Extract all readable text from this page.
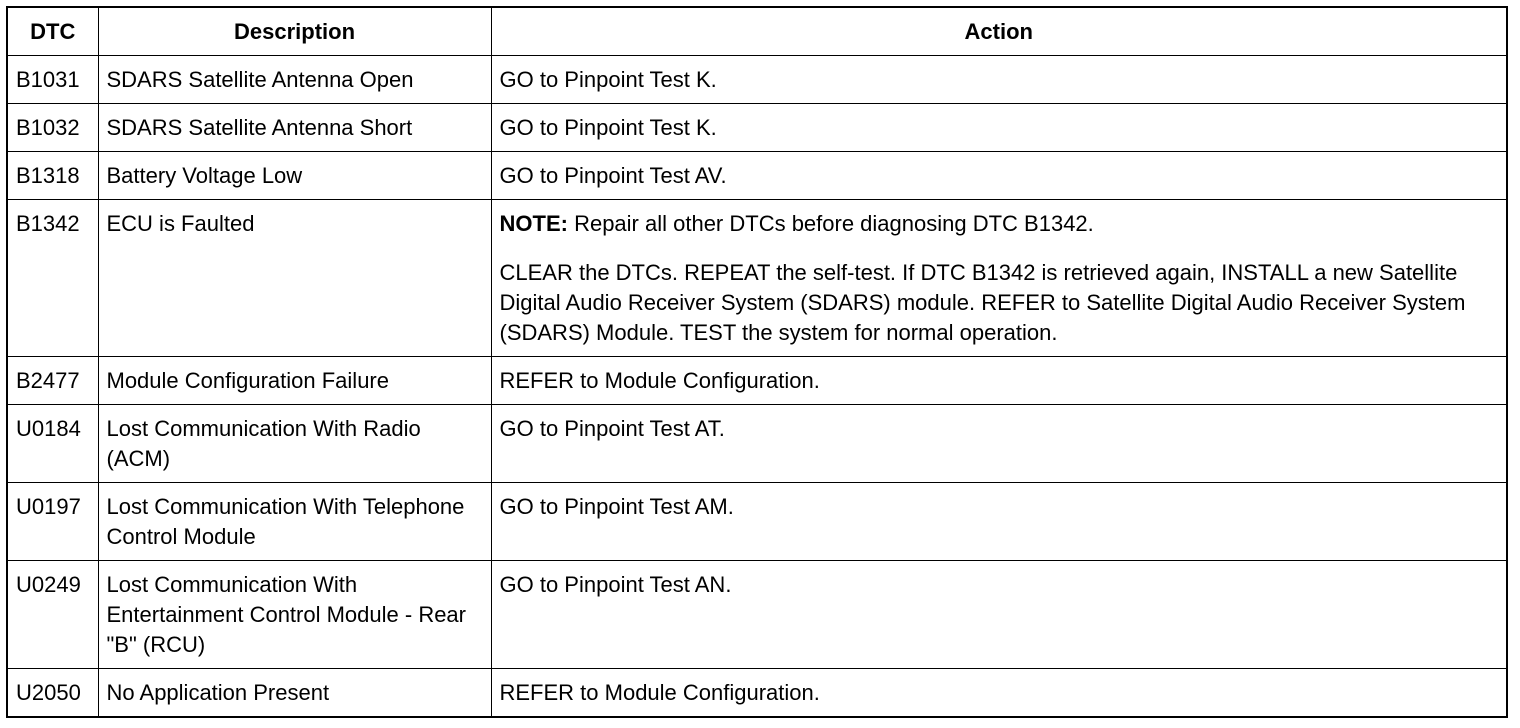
DTC	Description	Action
B1031	SDARS Satellite Antenna Open	GO to Pinpoint Test K.
B1032	SDARS Satellite Antenna Short	GO to Pinpoint Test K.
B1318	Battery Voltage Low	GO to Pinpoint Test AV.
B1342	ECU is Faulted	NOTE: Repair all other DTCs before diagnosing DTC B1342.
CLEAR the DTCs. REPEAT the self-test. If DTC B1342 is retrieved again, INSTALL a new Satellite Digital Audio Receiver System (SDARS) module. REFER to Satellite Digital Audio Receiver System (SDARS) Module. TEST the system for normal operation.

B2477	Module Configuration Failure	REFER to Module Configuration.
U0184	Lost Communication With Radio (ACM)	GO to Pinpoint Test AT.
U0197	Lost Communication With Telephone Control Module	GO to Pinpoint Test AM.
U0249	Lost Communication With Entertainment Control Module - Rear "B" (RCU)	GO to Pinpoint Test AN.
U2050	No Application Present	REFER to Module Configuration.
